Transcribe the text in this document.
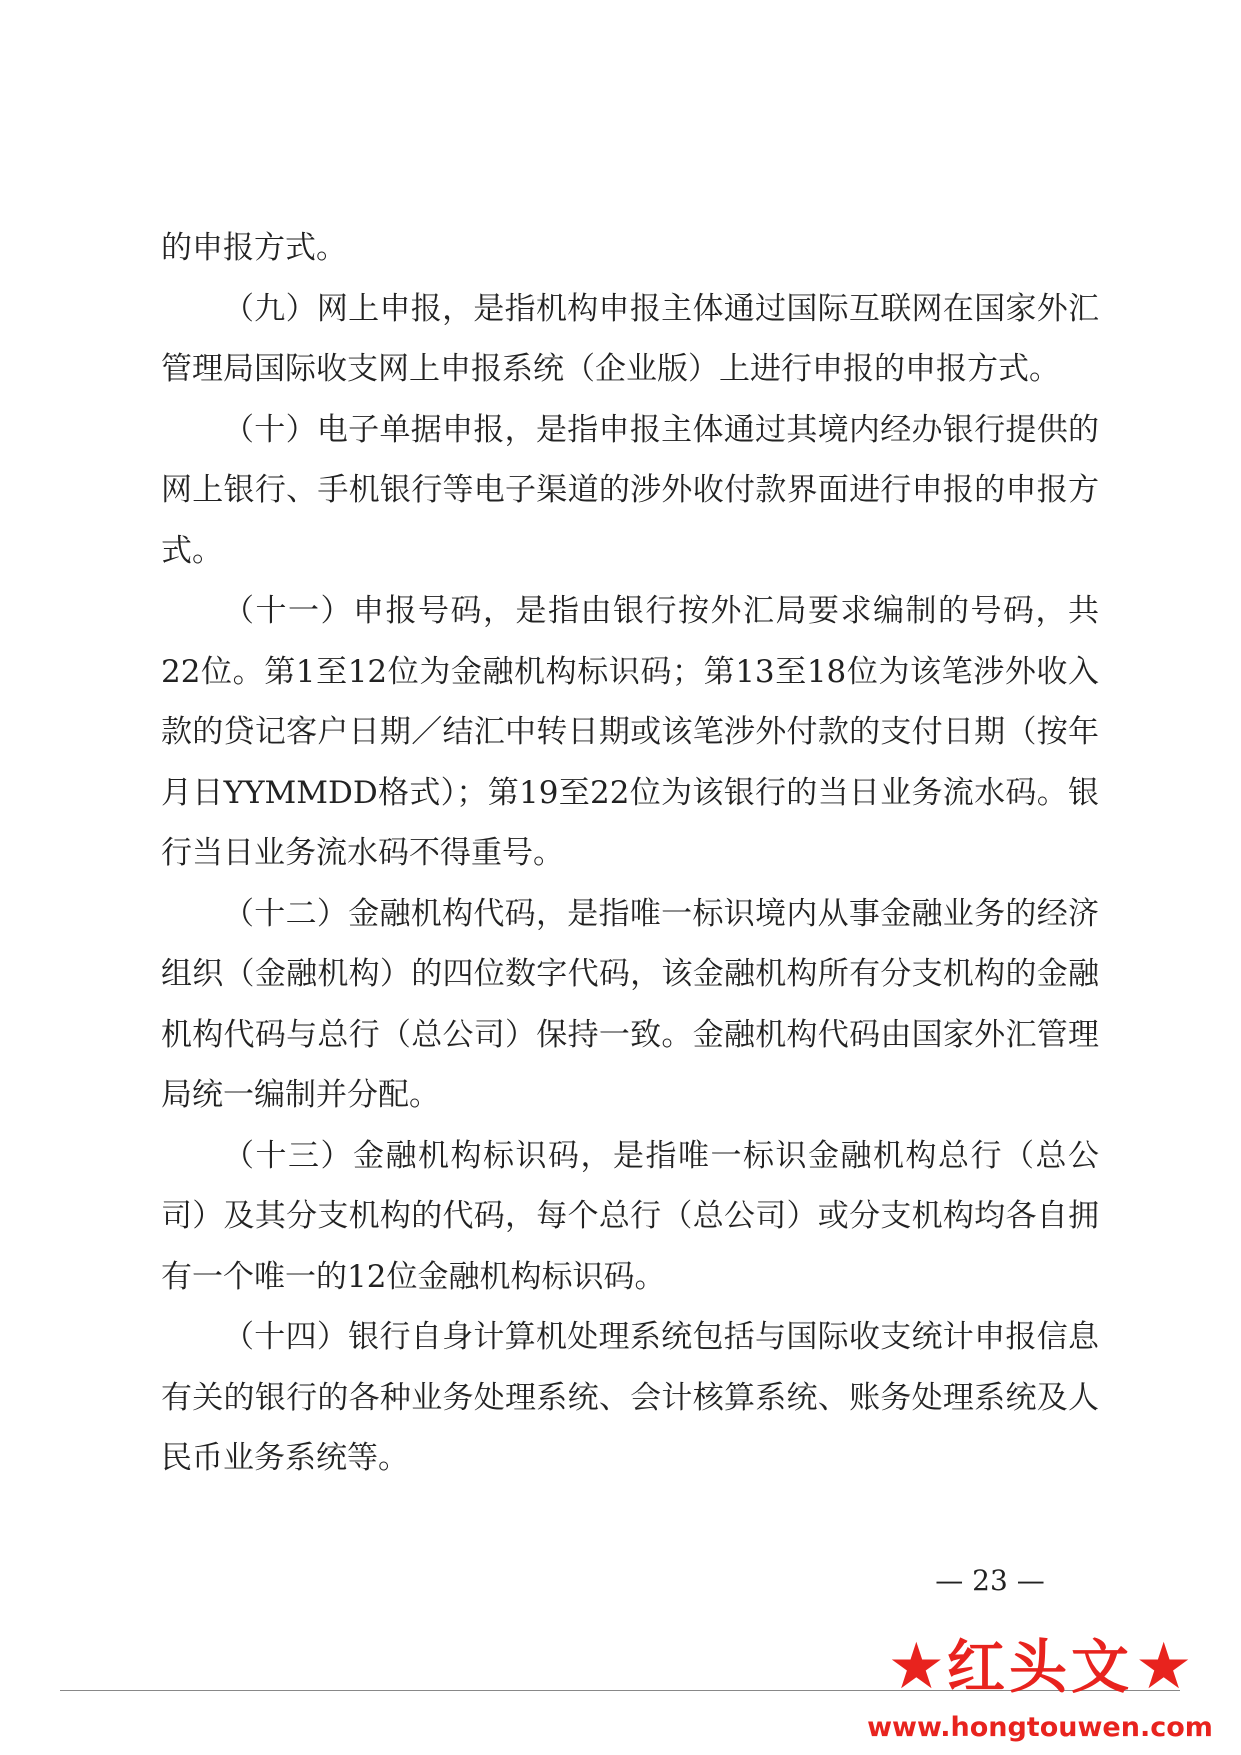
的申报方式。

（九）网上申报，是指机构申报主体通过国际互联网在国家外汇管理局国际收支网上申报系统（企业版）上进行申报的申报方式。

（十）电子单据申报，是指申报主体通过其境内经办银行提供的网上银行、手机银行等电子渠道的涉外收付款界面进行申报的申报方式。

（十一）申报号码，是指由银行按外汇局要求编制的号码，共22位。第1至12位为金融机构标识码；第13至18位为该笔涉外收入款的贷记客户日期／结汇中转日期或该笔涉外付款的支付日期（按年月日YYMMDD格式）；第19至22位为该银行的当日业务流水码。银行当日业务流水码不得重号。

（十二）金融机构代码，是指唯一标识境内从事金融业务的经济组织（金融机构）的四位数字代码，该金融机构所有分支机构的金融机构代码与总行（总公司）保持一致。金融机构代码由国家外汇管理局统一编制并分配。

（十三）金融机构标识码，是指唯一标识金融机构总行（总公司）及其分支机构的代码，每个总行（总公司）或分支机构均各自拥有一个唯一的12位金融机构标识码。

（十四）银行自身计算机处理系统包括与国际收支统计申报信息有关的银行的各种业务处理系统、会计核算系统、账务处理系统及人民币业务系统等。

— 23 —
★ 红头文 ★
www.hongtouwen.com
